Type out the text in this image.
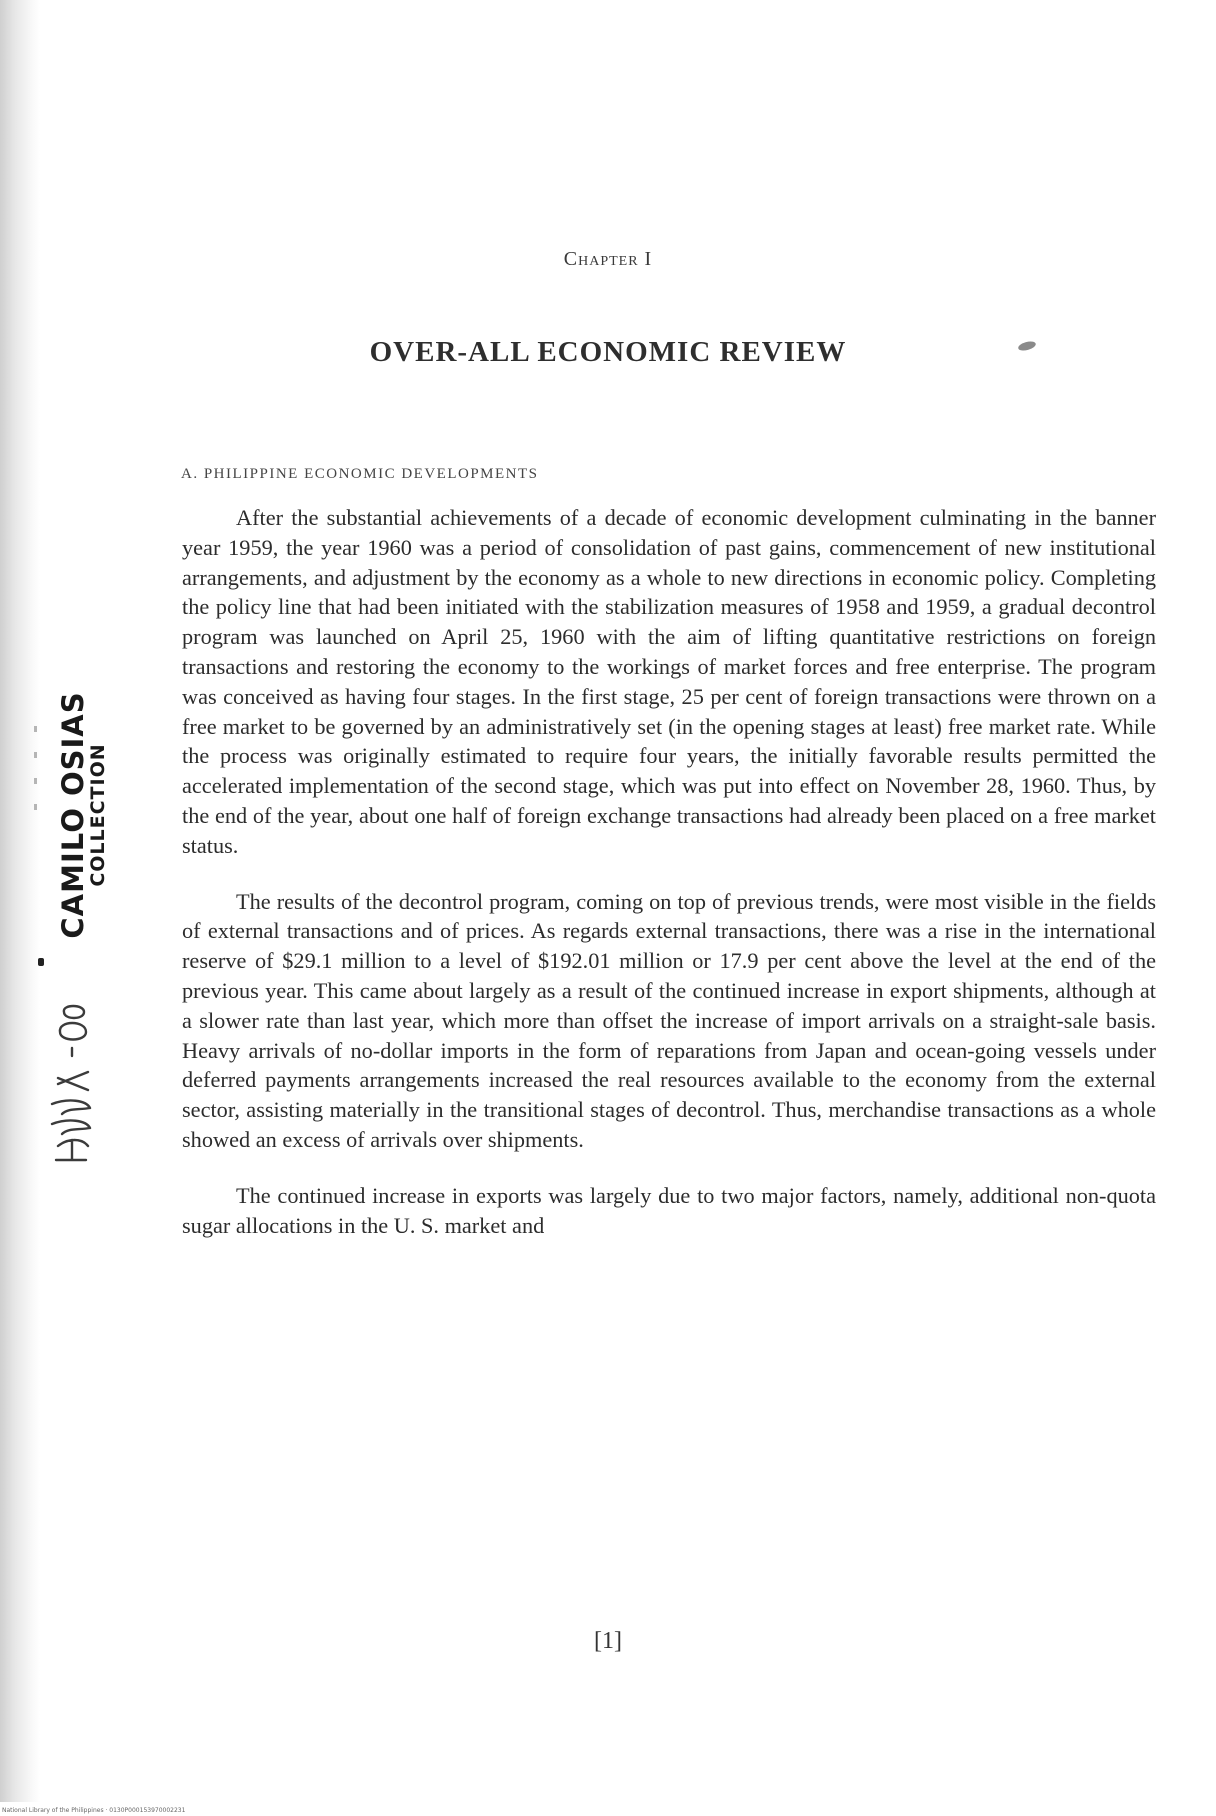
CAMILO OSIAS
COLLECTION
Chapter I
OVER-ALL ECONOMIC REVIEW
A. PHILIPPINE ECONOMIC DEVELOPMENTS

After the substantial achievements of a decade of economic development culminating in the banner year 1959, the year 1960 was a period of consolidation of past gains, commencement of new institutional arrangements, and adjustment by the economy as a whole to new directions in economic policy. Completing the policy line that had been initiated with the stabilization measures of 1958 and 1959, a gradual decontrol program was launched on April 25, 1960 with the aim of lifting quantitative restrictions on foreign transactions and restoring the economy to the workings of market forces and free enterprise. The program was conceived as having four stages. In the first stage, 25 per cent of foreign transactions were thrown on a free market to be governed by an administratively set (in the opening stages at least) free market rate. While the process was originally estimated to require four years, the initially favorable results permitted the accelerated implementation of the second stage, which was put into effect on November 28, 1960. Thus, by the end of the year, about one half of foreign exchange transactions had already been placed on a free market status.

The results of the decontrol program, coming on top of previous trends, were most visible in the fields of external transactions and of prices. As regards external transactions, there was a rise in the international reserve of $29.1 million to a level of $192.01 million or 17.9 per cent above the level at the end of the previous year. This came about largely as a result of the continued increase in export shipments, although at a slower rate than last year, which more than offset the increase of import arrivals on a straight-sale basis. Heavy arrivals of no-dollar imports in the form of reparations from Japan and ocean-going vessels under deferred payments arrangements increased the real resources available to the economy from the external sector, assisting materially in the transitional stages of decontrol. Thus, merchandise transactions as a whole showed an excess of arrivals over shipments.

The continued increase in exports was largely due to two major factors, namely, additional non-quota sugar allocations in the U. S. market and

[1]
National Library of the Philippines · 0130P000153970002231
